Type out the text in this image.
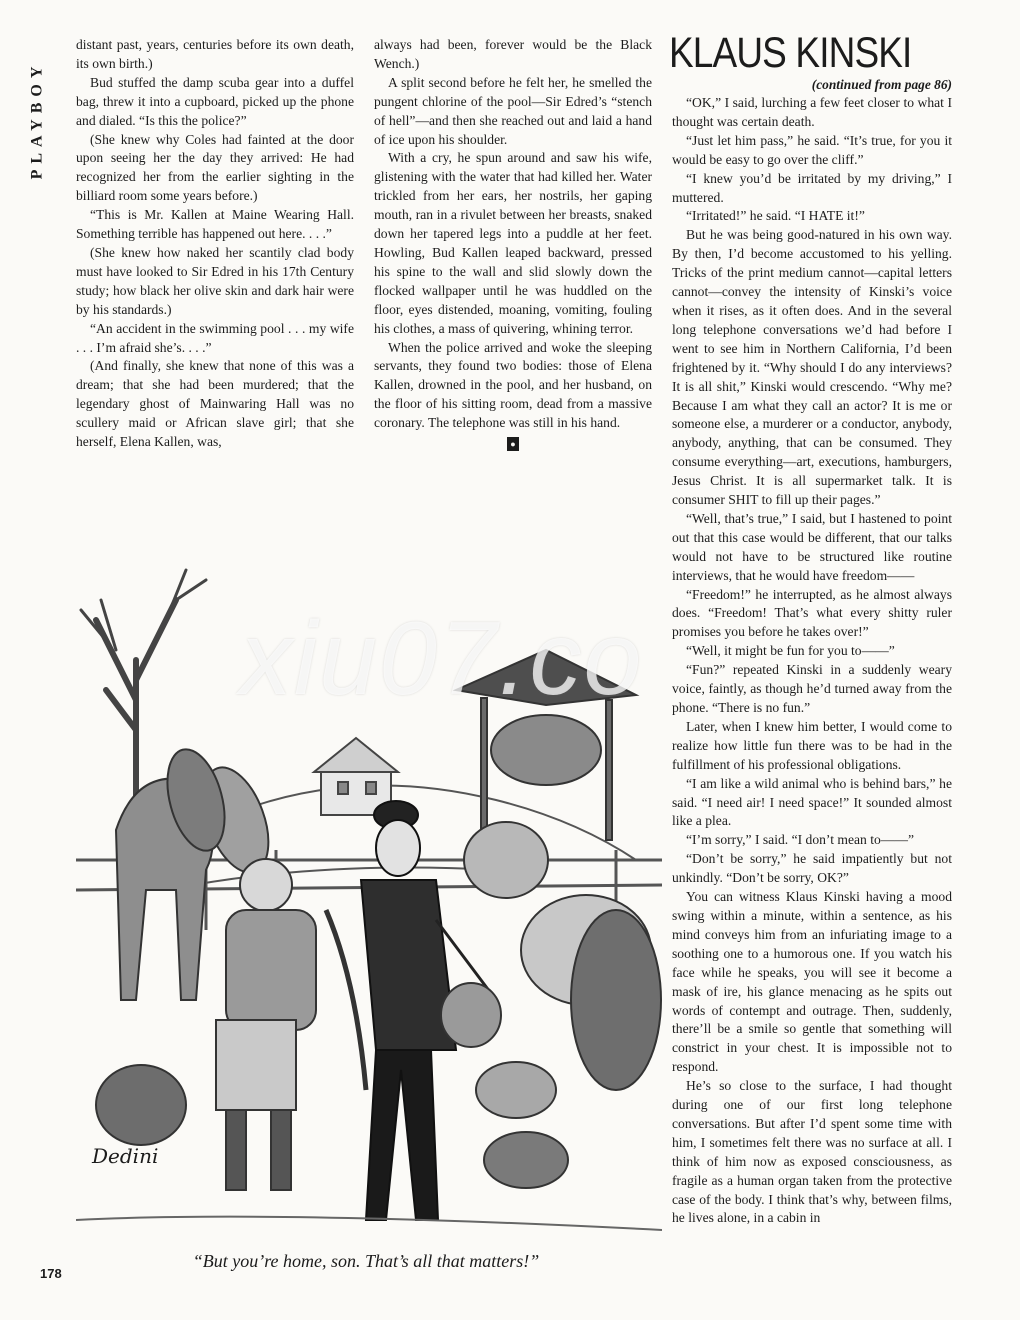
PLAYBOY

distant past, years, centuries before its own death, its own birth.)

Bud stuffed the damp scuba gear into a duffel bag, threw it into a cupboard, picked up the phone and dialed. “Is this the police?”

(She knew why Coles had fainted at the door upon seeing her the day they arrived: He had recognized her from the earlier sighting in the billiard room some years before.)

“This is Mr. Kallen at Maine Wearing Hall. Something terrible has happened out here. . . .”

(She knew how naked her scantily clad body must have looked to Sir Edred in his 17th Century study; how black her olive skin and dark hair were by his standards.)

“An accident in the swimming pool . . . my wife . . . I’m afraid she’s. . . .”

(And finally, she knew that none of this was a dream; that she had been murdered; that the legendary ghost of Mainwaring Hall was no scullery maid or African slave girl; that she herself, Elena Kallen, was,

always had been, forever would be the Black Wench.)

A split second before he felt her, he smelled the pungent chlorine of the pool—Sir Edred’s “stench of hell”—and then she reached out and laid a hand of ice upon his shoulder.

With a cry, he spun around and saw his wife, glistening with the water that had killed her. Water trickled from her ears, her nostrils, her gaping mouth, ran in a rivulet between her breasts, snaked down her tapered legs into a puddle at her feet. Howling, Bud Kallen leaped backward, pressed his spine to the wall and slid slowly down the flocked wallpaper until he was huddled on the floor, eyes distended, moaning, vomiting, fouling his clothes, a mass of quivering, whining terror.

When the police arrived and woke the sleeping servants, they found two bodies: those of Elena Kallen, drowned in the pool, and her husband, on the floor of his sitting room, dead from a massive coronary. The telephone was still in his hand.

●
KLAUS KINSKI
(continued from page 86)

“OK,” I said, lurching a few feet closer to what I thought was certain death.

“Just let him pass,” he said. “It’s true, for you it would be easy to go over the cliff.”

“I knew you’d be irritated by my driving,” I muttered.

“Irritated!” he said. “I HATE it!”

But he was being good-natured in his own way. By then, I’d become accustomed to his yelling. Tricks of the print medium cannot—capital letters cannot—convey the intensity of Kinski’s voice when it rises, as it often does. And in the several long telephone conversations we’d had before I went to see him in Northern California, I’d been frightened by it. “Why should I do any interviews? It is all shit,” Kinski would crescendo. “Why me? Because I am what they call an actor? It is me or someone else, a murderer or a conductor, anybody, anybody, anything, that can be consumed. They consume everything—art, executions, hamburgers, Jesus Christ. It is all supermarket talk. It is consumer SHIT to fill up their pages.”

“Well, that’s true,” I said, but I hastened to point out that this case would be different, that our talks would not have to be structured like routine interviews, that he would have freedom——

“Freedom!” he interrupted, as he almost always does. “Freedom! That’s what every shitty ruler promises you before he takes over!”

“Well, it might be fun for you to——”

“Fun?” repeated Kinski in a suddenly weary voice, faintly, as though he’d turned away from the phone. “There is no fun.”

Later, when I knew him better, I would come to realize how little fun there was to be had in the fulfillment of his professional obligations.

“I am like a wild animal who is behind bars,” he said. “I need air! I need space!” It sounded almost like a plea.

“I’m sorry,” I said. “I don’t mean to——”

“Don’t be sorry,” he said impatiently but not unkindly. “Don’t be sorry, OK?”

You can witness Klaus Kinski having a mood swing within a minute, within a sentence, as his mind conveys him from an infuriating image to a soothing one to a humorous one. If you watch his face while he speaks, you will see it become a mask of ire, his glance menacing as he spits out words of contempt and outrage. Then, suddenly, there’ll be a smile so gentle that something will constrict in your chest. It is impossible not to respond.

He’s so close to the surface, I had thought during one of our first long telephone conversations. But after I’d spent some time with him, I sometimes felt there was no surface at all. I think of him now as exposed consciousness, as fragile as a human organ taken from the protective case of the body. I think that’s why, between films, he lives alone, in a cabin in

Dedini
“But you’re home, son. That’s all that matters!”
178
xiu07.co
